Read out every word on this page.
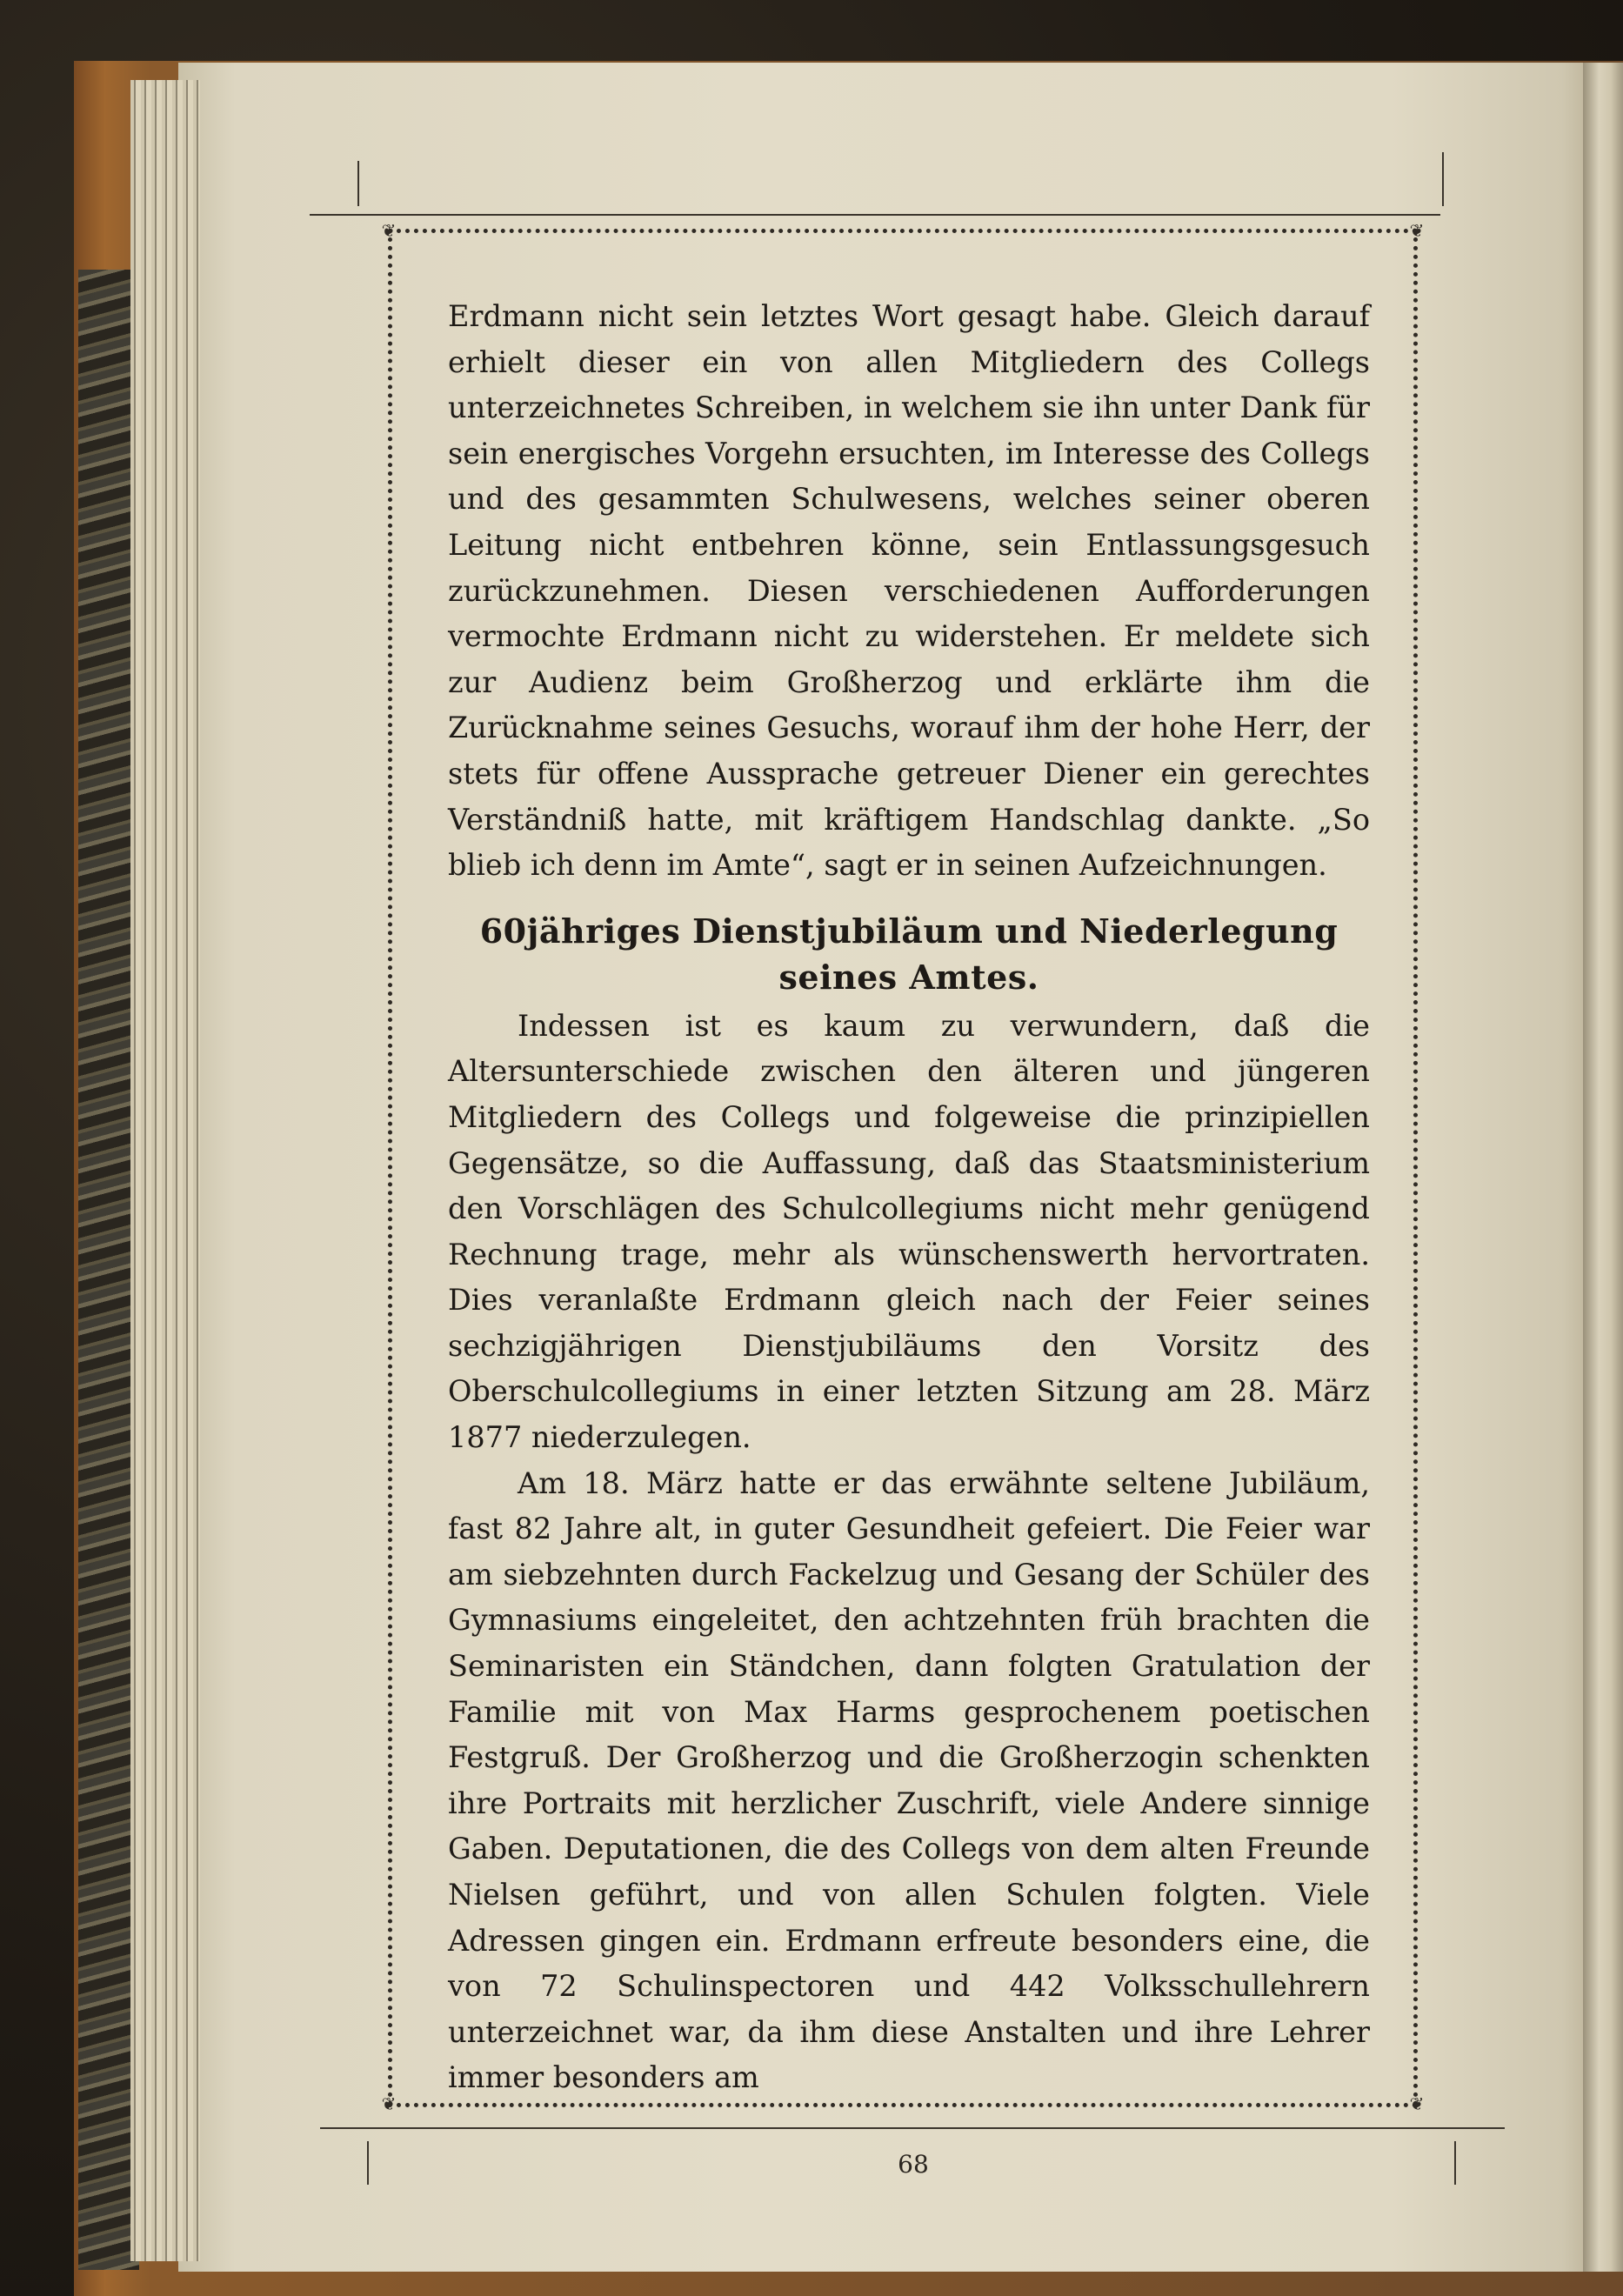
❦	❦
❦	❦

Erdmann nicht sein letztes Wort gesagt habe. Gleich darauf erhielt dieser ein von allen Mitgliedern des Collegs unterzeichnetes Schreiben, in welchem sie ihn unter Dank für sein energisches Vorgehn ersuchten, im Interesse des Collegs und des gesammten Schulwesens, welches seiner oberen Leitung nicht entbehren könne, sein Entlassungsgesuch zurückzunehmen. Diesen verschiedenen Aufforderungen vermochte Erdmann nicht zu widerstehen. Er meldete sich zur Audienz beim Großherzog und erklärte ihm die Zurücknahme seines Gesuchs, worauf ihm der hohe Herr, der stets für offene Aussprache getreuer Diener ein gerechtes Verständniß hatte, mit kräftigem Handschlag dankte. „So blieb ich denn im Amte“, sagt er in seinen Aufzeichnungen.

60jähriges Dienstjubiläum und Niederlegung
seines Amtes.

Indessen ist es kaum zu verwundern, daß die Altersunterschiede zwischen den älteren und jüngeren Mitgliedern des Collegs und folgeweise die prinzipiellen Gegensätze, so die Auffassung, daß das Staatsministerium den Vorschlägen des Schulcollegiums nicht mehr genügend Rechnung trage, mehr als wünschenswerth hervortraten. Dies veranlaßte Erdmann gleich nach der Feier seines sechzigjährigen Dienstjubiläums den Vorsitz des Oberschulcollegiums in einer letzten Sitzung am 28. März 1877 niederzulegen.

Am 18. März hatte er das erwähnte seltene Jubiläum, fast 82 Jahre alt, in guter Gesundheit gefeiert. Die Feier war am siebzehnten durch Fackelzug und Gesang der Schüler des Gymnasiums eingeleitet, den achtzehnten früh brachten die Seminaristen ein Ständchen, dann folgten Gratulation der Familie mit von Max Harms gesprochenem poetischen Festgruß. Der Großherzog und die Großherzogin schenkten ihre Portraits mit herzlicher Zuschrift, viele Andere sinnige Gaben. Deputationen, die des Collegs von dem alten Freunde Nielsen geführt, und von allen Schulen folgten. Viele Adressen gingen ein. Erdmann erfreute besonders eine, die von 72 Schulinspectoren und 442 Volksschullehrern unterzeichnet war, da ihm diese Anstalten und ihre Lehrer immer besonders am

68
